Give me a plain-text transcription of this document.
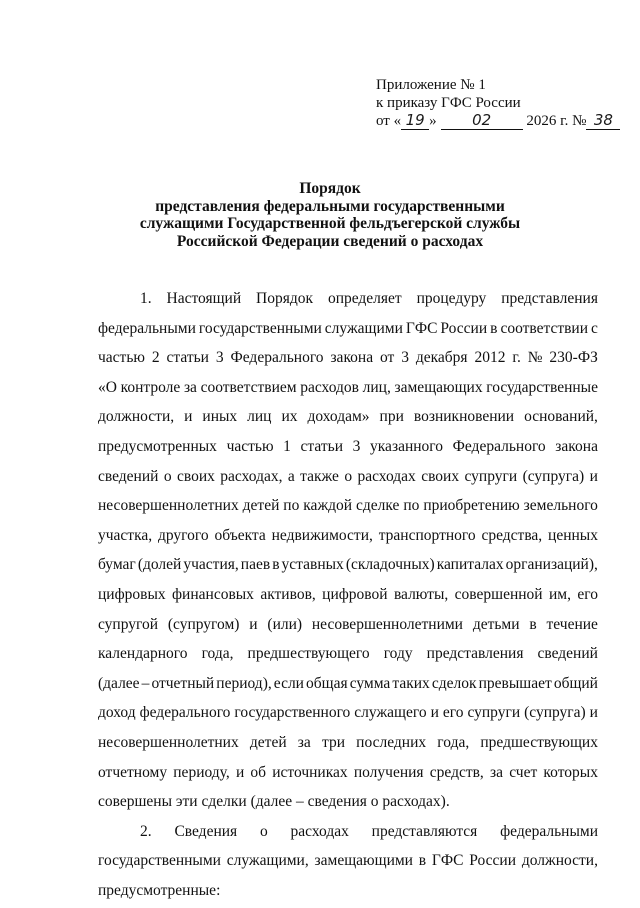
Приложение № 1
к приказу ГФС России
от « 19 » 02 2026 г. № 38
Порядок
представления федеральными государственными
служащими Государственной фельдъегерской службы
Российской Федерации сведений о расходах
1. Настоящий Порядок определяет процедуру представления
федеральными государственными служащими ГФС России в соответствии с
частью 2 статьи 3 Федерального закона от 3 декабря 2012 г. № 230-ФЗ
«О контроле за соответствием расходов лиц, замещающих государственные
должности, и иных лиц их доходам» при возникновении оснований,
предусмотренных частью 1 статьи 3 указанного Федерального закона
сведений о своих расходах, а также о расходах своих супруги (супруга) и
несовершеннолетних детей по каждой сделке по приобретению земельного
участка, другого объекта недвижимости, транспортного средства, ценных
бумаг (долей участия, паев в уставных (складочных) капиталах организаций),
цифровых финансовых активов, цифровой валюты, совершенной им, его
супругой (супругом) и (или) несовершеннолетними детьми в течение
календарного года, предшествующего году представления сведений
(далее – отчетный период), если общая сумма таких сделок превышает общий
доход федерального государственного служащего и его супруги (супруга) и
несовершеннолетних детей за три последних года, предшествующих
отчетному периоду, и об источниках получения средств, за счет которых
совершены эти сделки (далее – сведения о расходах).
2. Сведения о расходах представляются федеральными
государственными служащими, замещающими в ГФС России должности,
предусмотренные:
